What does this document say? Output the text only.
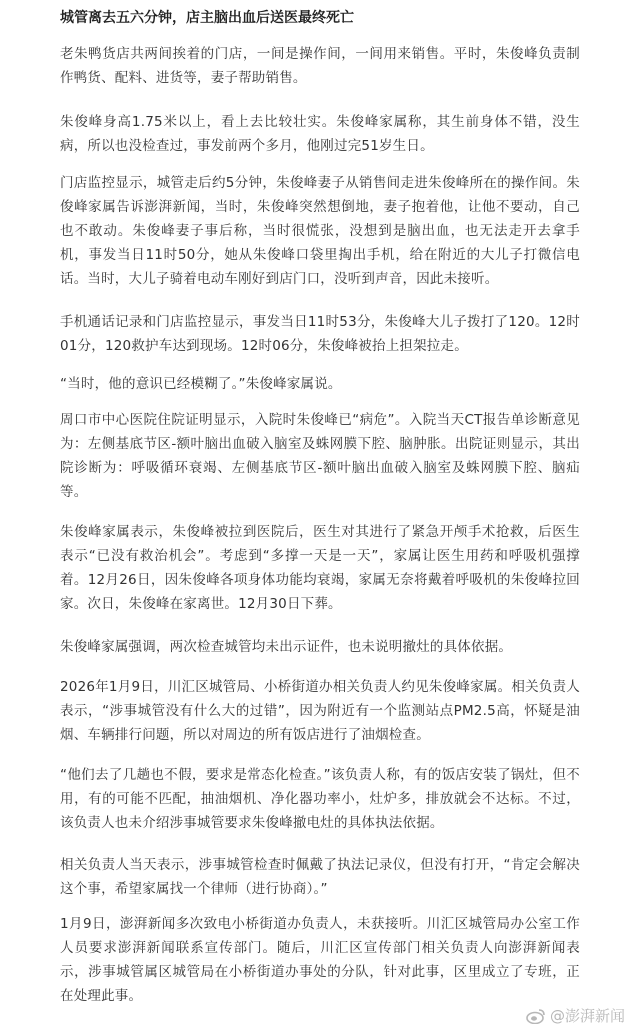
城管离去五六分钟，店主脑出血后送医最终死亡

老朱鸭货店共两间挨着的门店，一间是操作间，一间用来销售。平时，朱俊峰负责制作鸭货、配料、进货等，妻子帮助销售。

朱俊峰身高1.75米以上，看上去比较壮实。朱俊峰家属称，其生前身体不错，没生病，所以也没检查过，事发前两个多月，他刚过完51岁生日。

门店监控显示，城管走后约5分钟，朱俊峰妻子从销售间走进朱俊峰所在的操作间。朱俊峰家属告诉澎湃新闻，当时，朱俊峰突然想倒地，妻子抱着他，让他不要动，自己也不敢动。朱俊峰妻子事后称，当时很慌张，没想到是脑出血，也无法走开去拿手机，事发当日11时50分，她从朱俊峰口袋里掏出手机，给在附近的大儿子打微信电话。当时，大儿子骑着电动车刚好到店门口，没听到声音，因此未接听。

手机通话记录和门店监控显示，事发当日11时53分，朱俊峰大儿子拨打了120。12时01分，120救护车达到现场。12时06分，朱俊峰被抬上担架拉走。

“当时，他的意识已经模糊了。”朱俊峰家属说。

周口市中心医院住院证明显示，入院时朱俊峰已“病危”。入院当天CT报告单诊断意见为：左侧基底节区-额叶脑出血破入脑室及蛛网膜下腔、脑肿胀。出院证则显示，其出院诊断为：呼吸循环衰竭、左侧基底节区-额叶脑出血破入脑室及蛛网膜下腔、脑疝等。

朱俊峰家属表示，朱俊峰被拉到医院后，医生对其进行了紧急开颅手术抢救，后医生表示“已没有救治机会”。考虑到“多撑一天是一天”，家属让医生用药和呼吸机强撑着。12月26日，因朱俊峰各项身体功能均衰竭，家属无奈将戴着呼吸机的朱俊峰拉回家。次日，朱俊峰在家离世。12月30日下葬。

朱俊峰家属强调，两次检查城管均未出示证件，也未说明撤灶的具体依据。

2026年1月9日，川汇区城管局、小桥街道办相关负责人约见朱俊峰家属。相关负责人表示，“涉事城管没有什么大的过错”，因为附近有一个监测站点PM2.5高，怀疑是油烟、车辆排行问题，所以对周边的所有饭店进行了油烟检查。

“他们去了几趟也不假，要求是常态化检查。”该负责人称，有的饭店安装了锅灶，但不用，有的可能不匹配，抽油烟机、净化器功率小，灶炉多，排放就会不达标。不过，该负责人也未介绍涉事城管要求朱俊峰撤电灶的具体执法依据。

相关负责人当天表示，涉事城管检查时佩戴了执法记录仪，但没有打开，“肯定会解决这个事，希望家属找一个律师（进行协商）。”

1月9日，澎湃新闻多次致电小桥街道办负责人，未获接听。川汇区城管局办公室工作人员要求澎湃新闻联系宣传部门。随后，川汇区宣传部门相关负责人向澎湃新闻表示，涉事城管属区城管局在小桥街道办事处的分队，针对此事，区里成立了专班，正在处理此事。

@澎湃新闻
